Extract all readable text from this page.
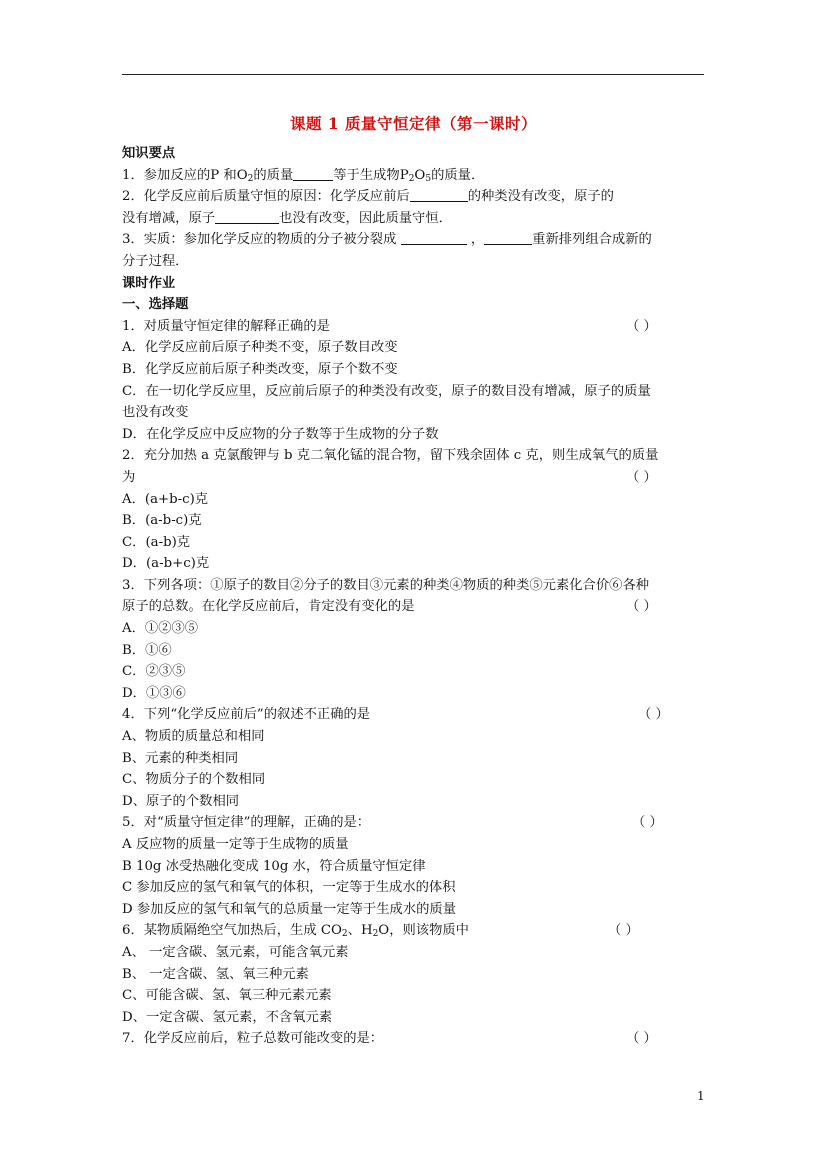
课题 1 质量守恒定律（第一课时）
知识要点
1．参加反应的P 和$O_2$的质量	等于生成物$P_2O_5$的质量．
2．化学反应前后质量守恒的原因：化学反应前后	的种类没有改变，原子的
没有增减，原子	也没有改变，因此质量守恒．
3．实质：参加化学反应的物质的分子被分裂成	，	重新排列组合成新的
分子过程．
课时作业
一、选择题
1．对质量守恒定律的解释正确的是	（ ）
A．化学反应前后原子种类不变，原子数目改变
B．化学反应前后原子种类改变，原子个数不变
C．在一切化学反应里，反应前后原子的种类没有改变，原子的数目没有增减，原子的质量
也没有改变
D．在化学反应中反应物的分子数等于生成物的分子数
2．充分加热 a 克氯酸钾与 b 克二氧化锰的混合物，留下残余固体 c 克，则生成氧气的质量
为	（ ）
A．(a+b-c)克
B．(a-b-c)克
C．(a-b)克
D．(a-b+c)克
3．下列各项：①原子的数目②分子的数目③元素的种类④物质的种类⑤元素化合价⑥各种
原子的总数。在化学反应前后，肯定没有变化的是	（ ）
A．①②③⑤
B．①⑥
C．②③⑤
D．①③⑥
4．下列“化学反应前后”的叙述不正确的是	（ ）
A、物质的质量总和相同
B、元素的种类相同
C、物质分子的个数相同
D、原子的个数相同
5．对“质量守恒定律”的理解，正确的是：	（ ）
A 反应物的质量一定等于生成物的质量
B 10g 冰受热融化变成 10g 水，符合质量守恒定律
C 参加反应的氢气和氧气的体积，一定等于生成水的体积
D 参加反应的氢气和氧气的总质量一定等于生成水的质量
6．某物质隔绝空气加热后，生成 $CO_2$、$H_2O$，则该物质中	（ ）
A、 一定含碳、氢元素，可能含氧元素
B、 一定含碳、氢、氧三种元素
C、可能含碳、氢、氧三种元素元素
D、一定含碳、氢元素，不含氧元素
7．化学反应前后，粒子总数可能改变的是：	（ ）
1
